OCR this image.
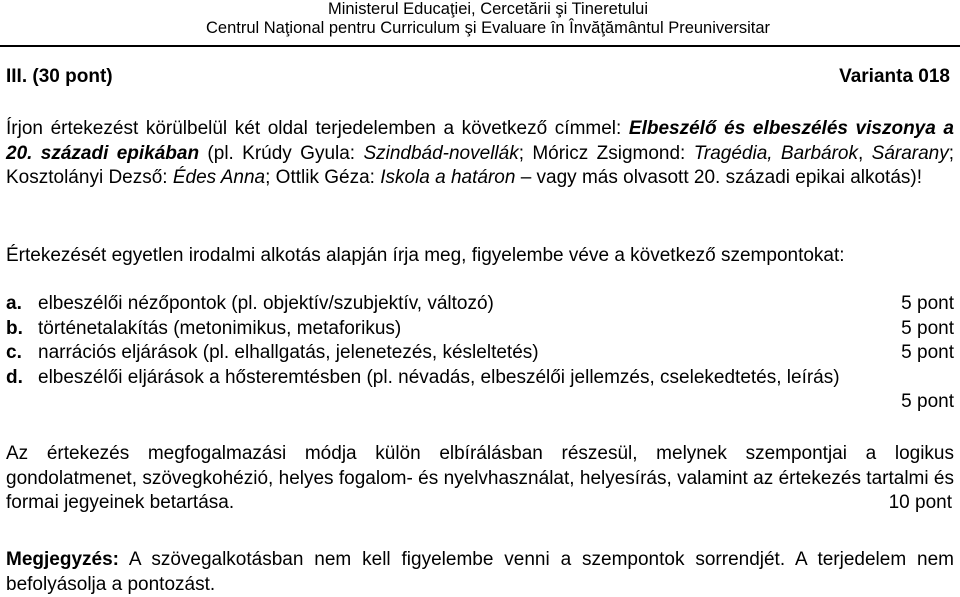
Ministerul Educaţiei, Cercetării şi Tineretului
Centrul Naţional pentru Curriculum şi Evaluare în Învăţământul Preuniversitar
III. (30 pont)	Varianta 018
Írjon értekezést körülbelül két oldal terjedelemben a következő címmel: Elbeszélő és elbeszélés viszonya a 20. századi epikában (pl. Krúdy Gyula: Szindbád-novellák; Móricz Zsigmond: Tragédia, Barbárok, Sárarany; Kosztolányi Dezső: Édes Anna; Ottlik Géza: Iskola a határon – vagy más olvasott 20. századi epikai alkotás)!
Értekezését egyetlen irodalmi alkotás alapján írja meg, figyelembe véve a következő szempontokat:
a. elbeszélői nézőpontok (pl. objektív/szubjektív, változó)	5 pont
b. történetalakítás (metonimikus, metaforikus)	5 pont
c. narrációs eljárások (pl. elhallgatás, jelenetezés, késleltetés)	5 pont
d. elbeszélői eljárások a hősteremtésben (pl. névadás, elbeszélői jellemzés, cselekedtetés, leírás)
5 pont
Az értekezés megfogalmazási módja külön elbírálásban részesül, melynek szempontjai a logikus gondolatmenet, szövegkohézió, helyes fogalom- és nyelvhasználat, helyesírás, valamint az értekezés tartalmi és formai jegyeinek betartása.	10 pont
Megjegyzés: A szövegalkotásban nem kell figyelembe venni a szempontok sorrendjét. A terjedelem nem befolyásolja a pontozást.
